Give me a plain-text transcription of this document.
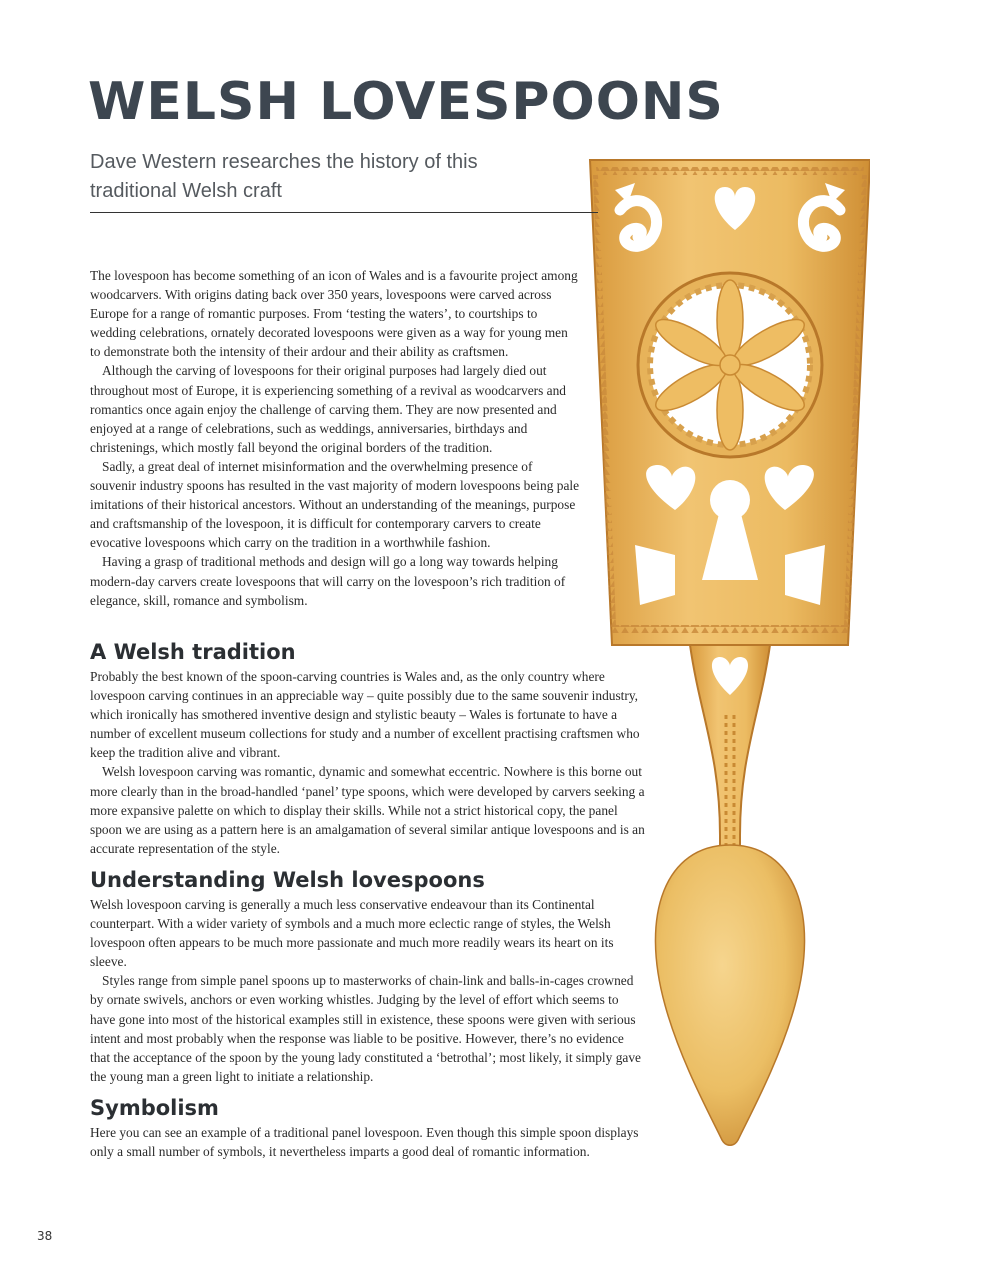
WELSH LOVESPOONS

Dave Western researches the history of this traditional Welsh craft

The lovespoon has become something of an icon of Wales and is a favourite project among woodcarvers. With origins dating back over 350 years, lovespoons were carved across Europe for a range of romantic purposes. From ‘testing the waters’, to courtships to wedding celebrations, ornately decorated lovespoons were given as a way for young men to demonstrate both the intensity of their ardour and their ability as craftsmen.

Although the carving of lovespoons for their original purposes had largely died out throughout most of Europe, it is experiencing something of a revival as woodcarvers and romantics once again enjoy the challenge of carving them. They are now presented and enjoyed at a range of celebrations, such as weddings, anniversaries, birthdays and christenings, which mostly fall beyond the original borders of the tradition.

Sadly, a great deal of internet misinformation and the overwhelming presence of souvenir industry spoons has resulted in the vast majority of modern lovespoons being pale imitations of their historical ancestors. Without an understanding of the meanings, purpose and craftsmanship of the lovespoon, it is difficult for contemporary carvers to create evocative lovespoons which carry on the tradition in a worthwhile fashion.

Having a grasp of traditional methods and design will go a long way towards helping modern-day carvers create lovespoons that will carry on the lovespoon’s rich tradition of elegance, skill, romance and symbolism.

A Welsh tradition

Probably the best known of the spoon-carving countries is Wales and, as the only country where lovespoon carving continues in an appreciable way – quite possibly due to the same souvenir industry, which ironically has smothered inventive design and stylistic beauty – Wales is fortunate to have a number of excellent museum collections for study and a number of excellent practising craftsmen who keep the tradition alive and vibrant.

Welsh lovespoon carving was romantic, dynamic and somewhat eccentric. Nowhere is this borne out more clearly than in the broad-handled ‘panel’ type spoons, which were developed by carvers seeking a more expansive palette on which to display their skills. While not a strict historical copy, the panel spoon we are using as a pattern here is an amalgamation of several similar antique lovespoons and is an accurate representation of the style.

Understanding Welsh lovespoons

Welsh lovespoon carving is generally a much less conservative endeavour than its Continental counterpart. With a wider variety of symbols and a much more eclectic range of styles, the Welsh lovespoon often appears to be much more passionate and much more readily wears its heart on its sleeve.

Styles range from simple panel spoons up to masterworks of chain-link and balls-in-cages crowned by ornate swivels, anchors or even working whistles. Judging by the level of effort which seems to have gone into most of the historical examples still in existence, these spoons were given with serious intent and most probably when the response was liable to be positive. However, there’s no evidence that the acceptance of the spoon by the young lady constituted a ‘betrothal’; most likely, it simply gave the young man a green light to initiate a relationship.

Symbolism

Here you can see an example of a traditional panel lovespoon. Even though this simple spoon displays only a small number of symbols, it nevertheless imparts a good deal of romantic information.

38
